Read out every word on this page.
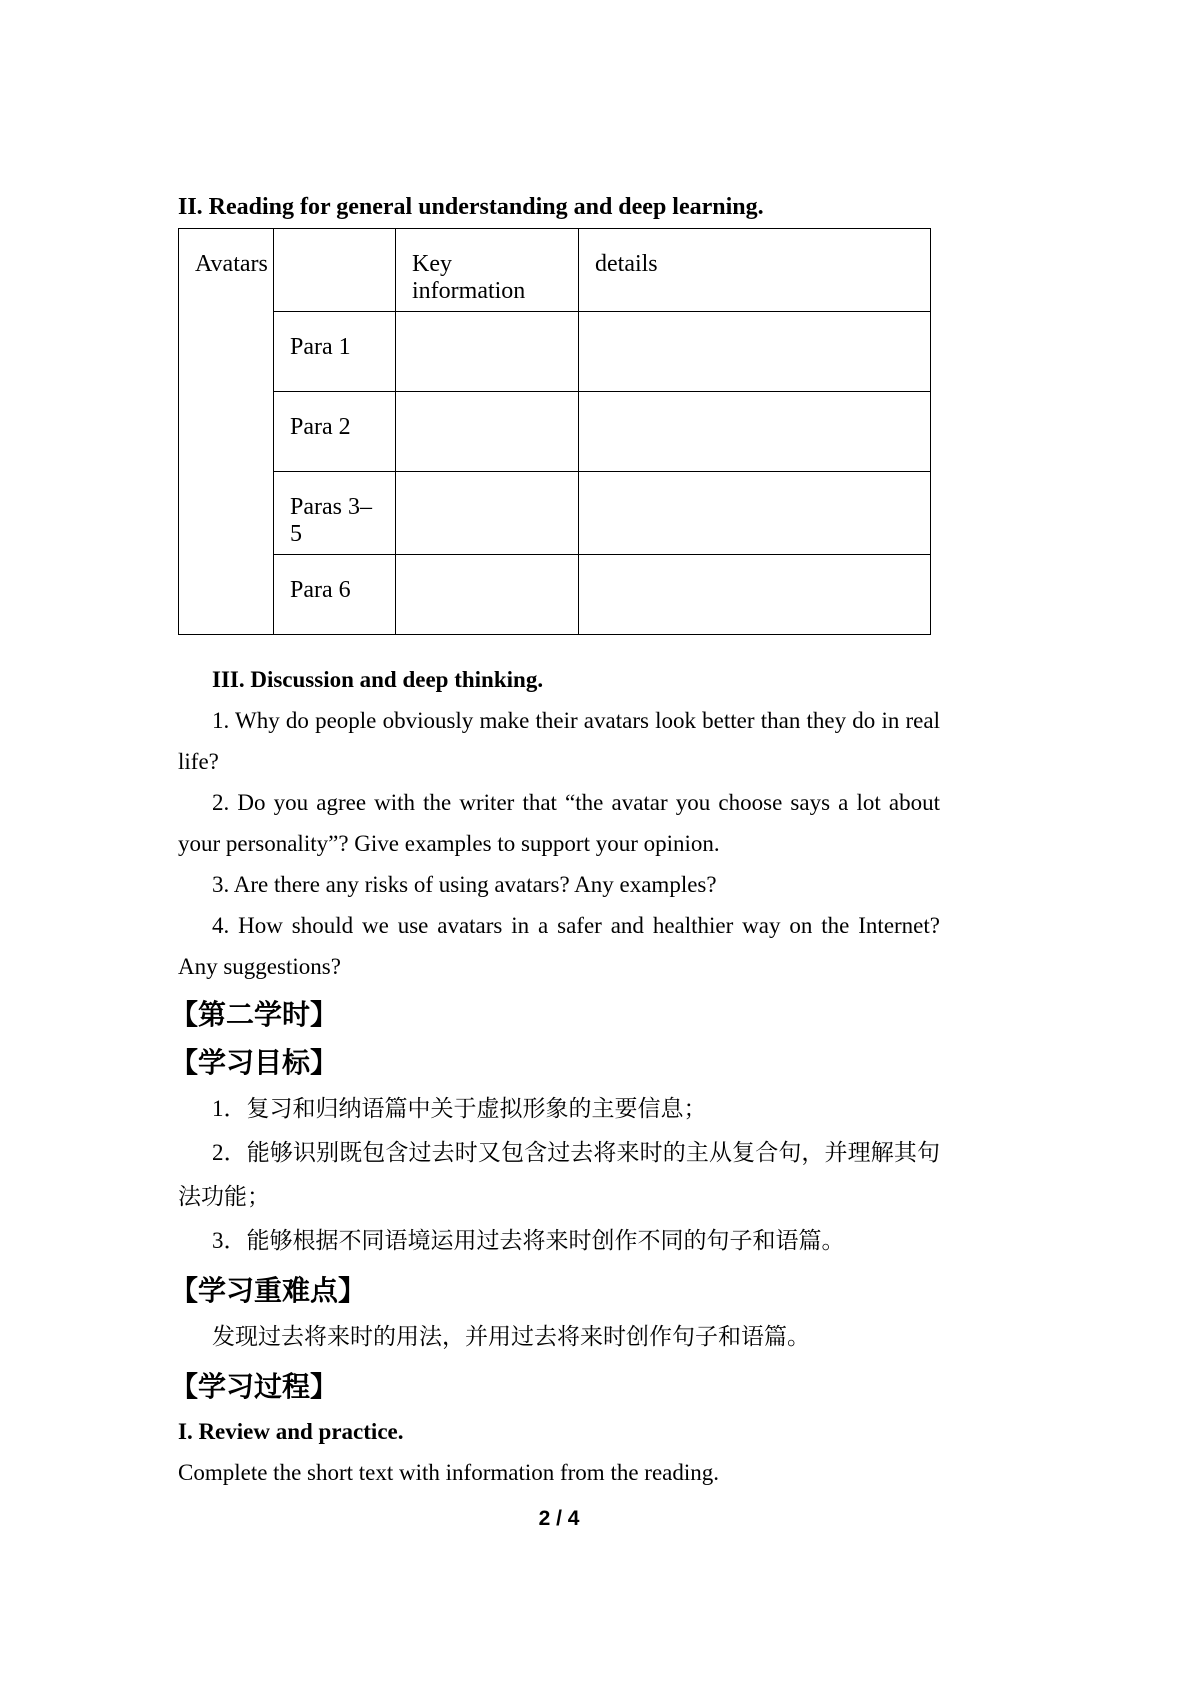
II. Reading for general understanding and deep learning.

Avatars		Key information	details
	Para 1		
	Para 2		
	Paras 3–5		
	Para 6		

III. Discussion and deep thinking.

1. Why do people obviously make their avatars look better than they do in real life?

2. Do you agree with the writer that “the avatar you choose says a lot about your personality”? Give examples to support your opinion.

3. Are there any risks of using avatars? Any examples?

4. How should we use avatars in a safer and healthier way on the Internet? Any suggestions?

【第二学时】

【学习目标】

1．复习和归纳语篇中关于虚拟形象的主要信息；

2．能够识别既包含过去时又包含过去将来时的主从复合句，并理解其句法功能；

3．能够根据不同语境运用过去将来时创作不同的句子和语篇。

【学习重难点】

发现过去将来时的用法，并用过去将来时创作句子和语篇。

【学习过程】

I. Review and practice.

Complete the short text with information from the reading.

2 / 4
